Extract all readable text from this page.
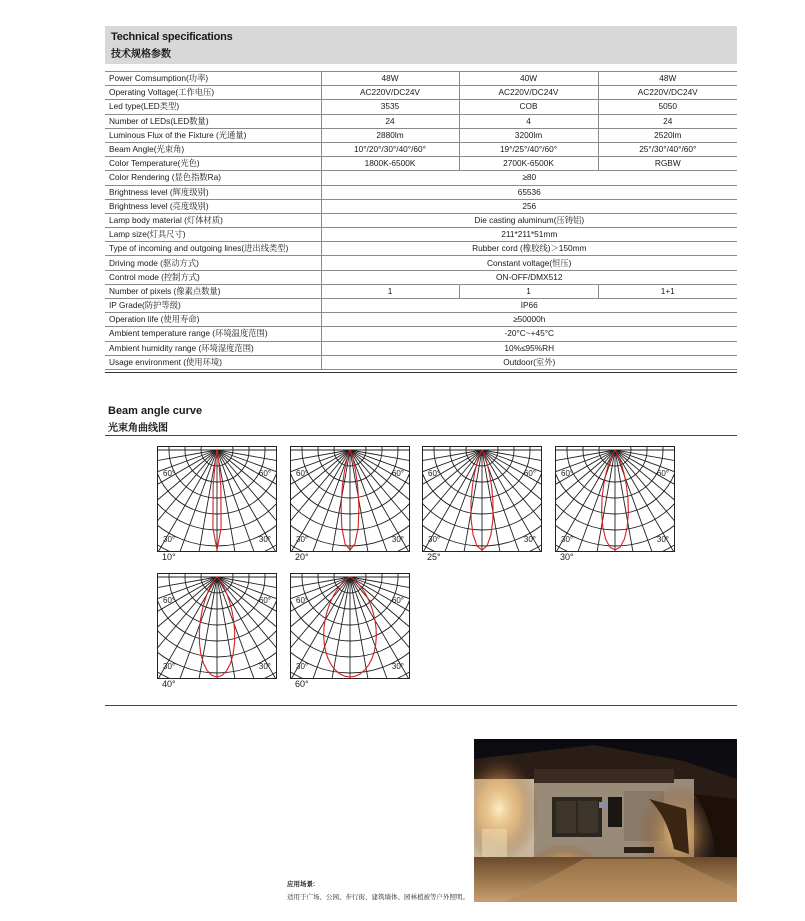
Technical specifications
技术规格参数
Power Comsumption(功率)	48W	40W	48W
Operating Voltage(工作电压)	AC220V/DC24V	AC220V/DC24V	AC220V/DC24V
Led type(LED类型)	3535	COB	5050
Number of LEDs(LED数量)	24	4	24
Luminous Flux of the Fixture (光通量)	2880lm	3200lm	2520lm
Beam Angle(光束角)	10°/20°/30°/40°/60°	19°/25°/40°/60°	25°/30°/40°/60°
Color Temperature(光色)	1800K-6500K	2700K-6500K	RGBW
Color Rendering (显色指数Ra)	≥80		
Brightness level (辉度级别)	65536		
Brightness level (亮度级别)	256		
Lamp body material (灯体材质)	Die casting aluminum(压铸铝)		
Lamp size(灯具尺寸)	211*211*51mm		
Type of incoming and outgoing lines(进出线类型)	Rubber cord (橡胶线)＞150mm		
Driving mode (驱动方式)	Constant voltage(恒压)		
Control mode (控制方式)	ON-OFF/DMX512		
Number of pixels (像素点数量)	1	1	1+1
IP Grade(防护等级)	IP66		
Operation life (使用寿命)	≥50000h		
Ambient temperature range (环境温度范围)	-20°C~+45°C		
Ambient humidity range (环境湿度范围)	10%≤95%RH		
Usage environment (使用环境)	Outdoor(室外)		
Beam angle curve
光束角曲线图
60°	60°
30°	30°
10°
60°	60°
30°	30°
20°
60°	60°
30°	30°
25°
60°	60°
30°	30°
30°
60°	60°
30°	30°
40°
60°	60°
30°	30°
60°
应用场景:
适用于广场、公园、步行街、建筑墙体、园林植被等户外照明。
